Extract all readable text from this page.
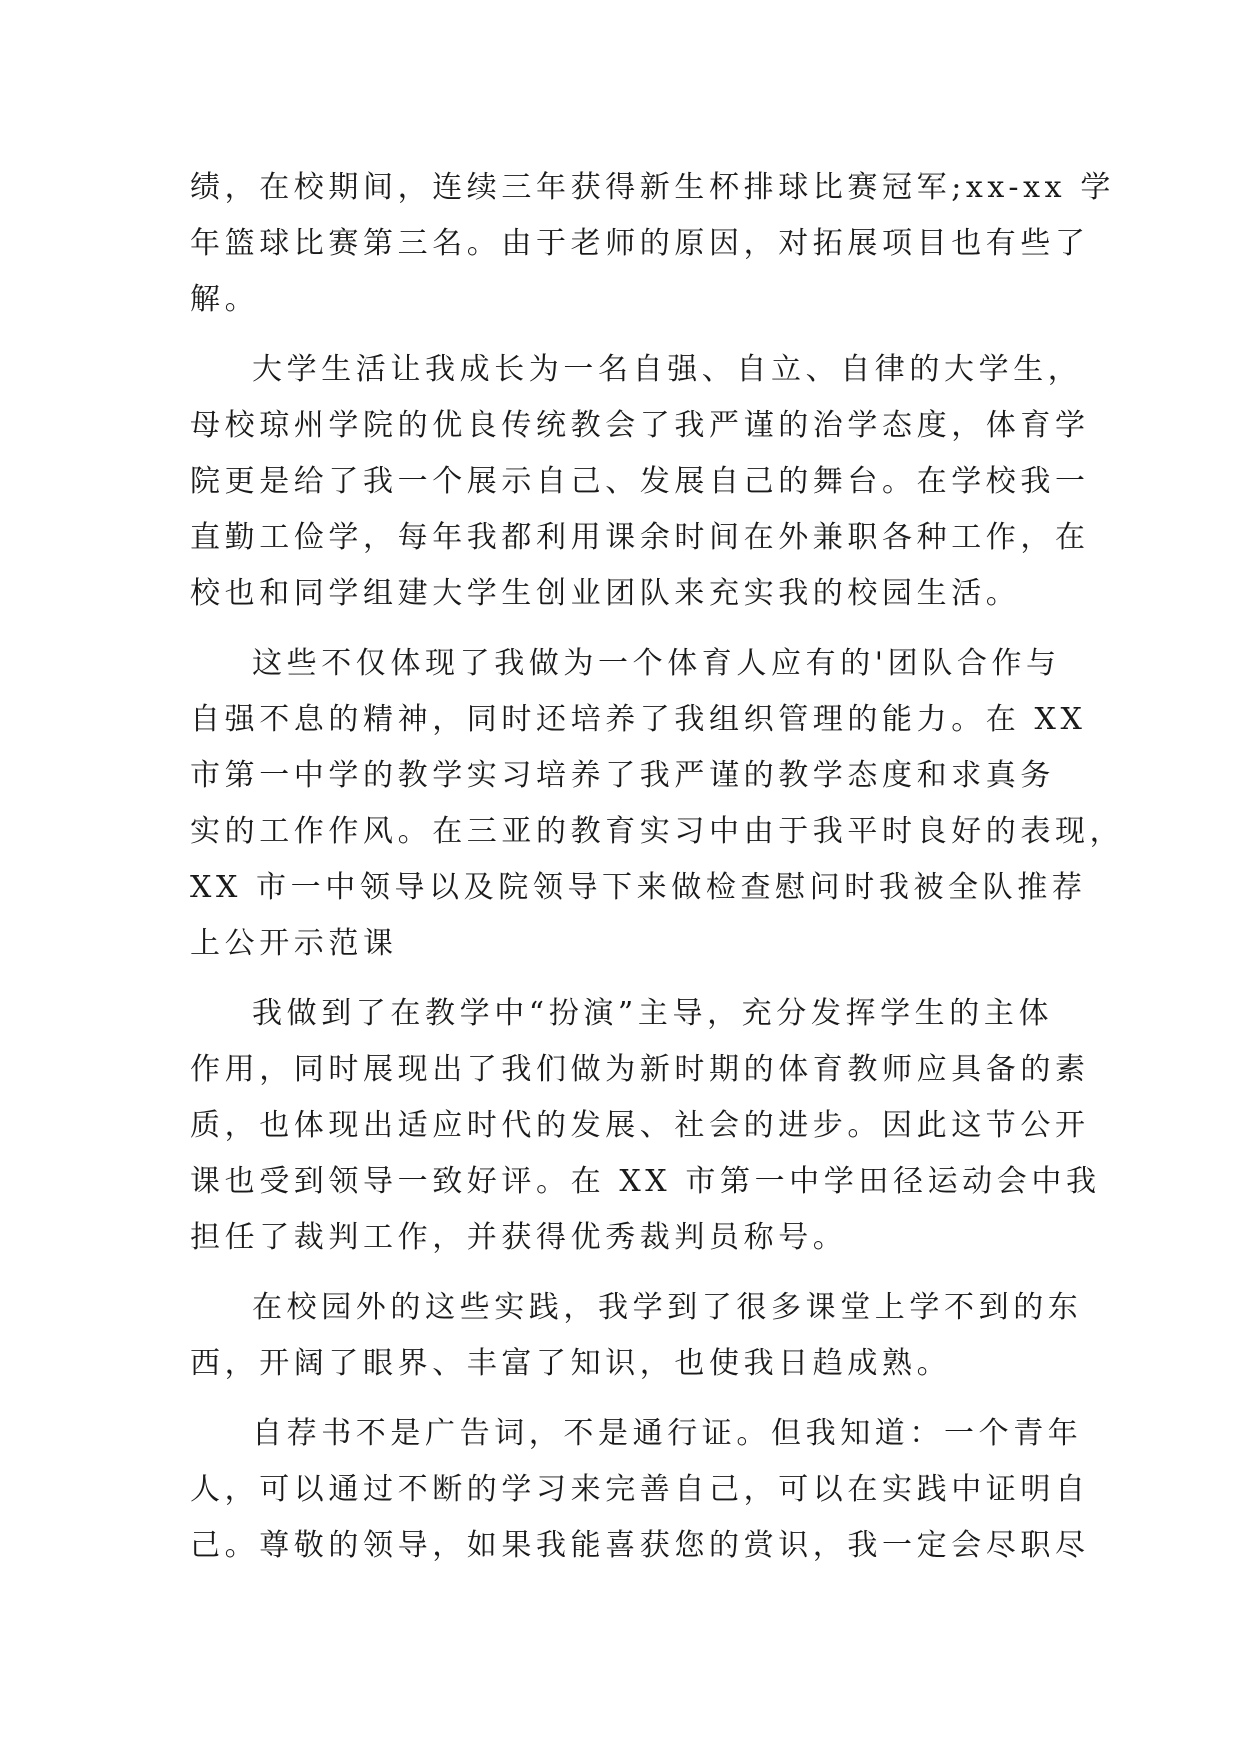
绩，在校期间，连续三年获得新生杯排球比赛冠军;xx-xx 学
年篮球比赛第三名。由于老师的原因，对拓展项目也有些了
解。
大学生活让我成长为一名自强、自立、自律的大学生，
母校琼州学院的优良传统教会了我严谨的治学态度，体育学
院更是给了我一个展示自己、发展自己的舞台。在学校我一
直勤工俭学，每年我都利用课余时间在外兼职各种工作，在
校也和同学组建大学生创业团队来充实我的校园生活。
这些不仅体现了我做为一个体育人应有的'团队合作与
自强不息的精神，同时还培养了我组织管理的能力。在 XX
市第一中学的教学实习培养了我严谨的教学态度和求真务
实的工作作风。在三亚的教育实习中由于我平时良好的表现，
XX 市一中领导以及院领导下来做检查慰问时我被全队推荐
上公开示范课
我做到了在教学中“扮演”主导，充分发挥学生的主体
作用，同时展现出了我们做为新时期的体育教师应具备的素
质，也体现出适应时代的发展、社会的进步。因此这节公开
课也受到领导一致好评。在 XX 市第一中学田径运动会中我
担任了裁判工作，并获得优秀裁判员称号。
在校园外的这些实践，我学到了很多课堂上学不到的东
西，开阔了眼界、丰富了知识，也使我日趋成熟。
自荐书不是广告词，不是通行证。但我知道：一个青年
人，可以通过不断的学习来完善自己，可以在实践中证明自
己。尊敬的领导，如果我能喜获您的赏识，我一定会尽职尽
